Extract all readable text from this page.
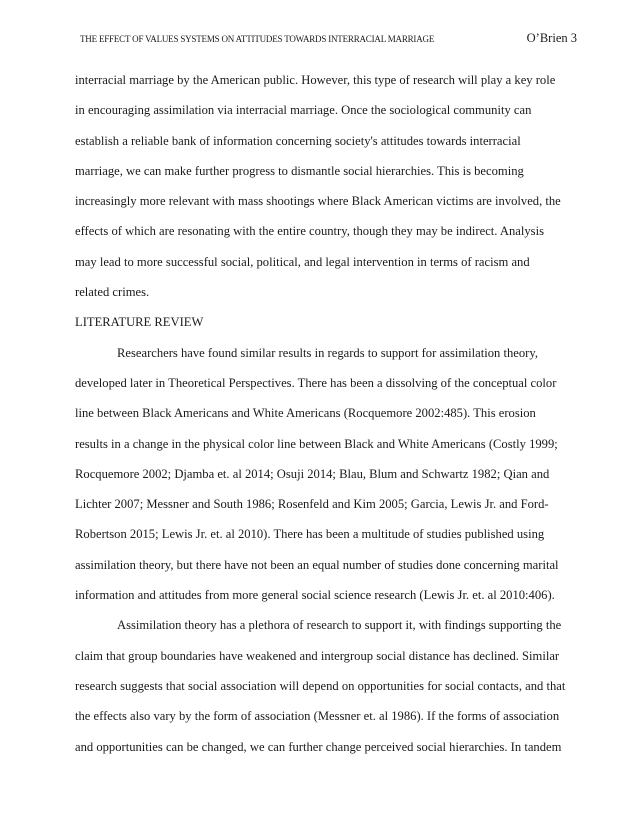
THE EFFECT OF VALUES SYSTEMS ON ATTITUDES TOWARDS INTERRACIAL MARRIAGE	O’Brien 3
interracial marriage by the American public. However, this type of research will play a key role
in encouraging assimilation via interracial marriage. Once the sociological community can
establish a reliable bank of information concerning society's attitudes towards interracial
marriage, we can make further progress to dismantle social hierarchies. This is becoming
increasingly more relevant with mass shootings where Black American victims are involved, the
effects of which are resonating with the entire country, though they may be indirect. Analysis
may lead to more successful social, political, and legal intervention in terms of racism and
related crimes.
LITERATURE REVIEW
Researchers have found similar results in regards to support for assimilation theory,
developed later in Theoretical Perspectives. There has been a dissolving of the conceptual color
line between Black Americans and White Americans (Rocquemore 2002:485). This erosion
results in a change in the physical color line between Black and White Americans (Costly 1999;
Rocquemore 2002; Djamba et. al 2014; Osuji 2014; Blau, Blum and Schwartz 1982; Qian and
Lichter 2007; Messner and South 1986; Rosenfeld and Kim 2005; Garcia, Lewis Jr. and Ford-
Robertson 2015; Lewis Jr. et. al 2010). There has been a multitude of studies published using
assimilation theory, but there have not been an equal number of studies done concerning marital
information and attitudes from more general social science research (Lewis Jr. et. al 2010:406).
Assimilation theory has a plethora of research to support it, with findings supporting the
claim that group boundaries have weakened and intergroup social distance has declined. Similar
research suggests that social association will depend on opportunities for social contacts, and that
the effects also vary by the form of association (Messner et. al 1986). If the forms of association
and opportunities can be changed, we can further change perceived social hierarchies. In tandem
